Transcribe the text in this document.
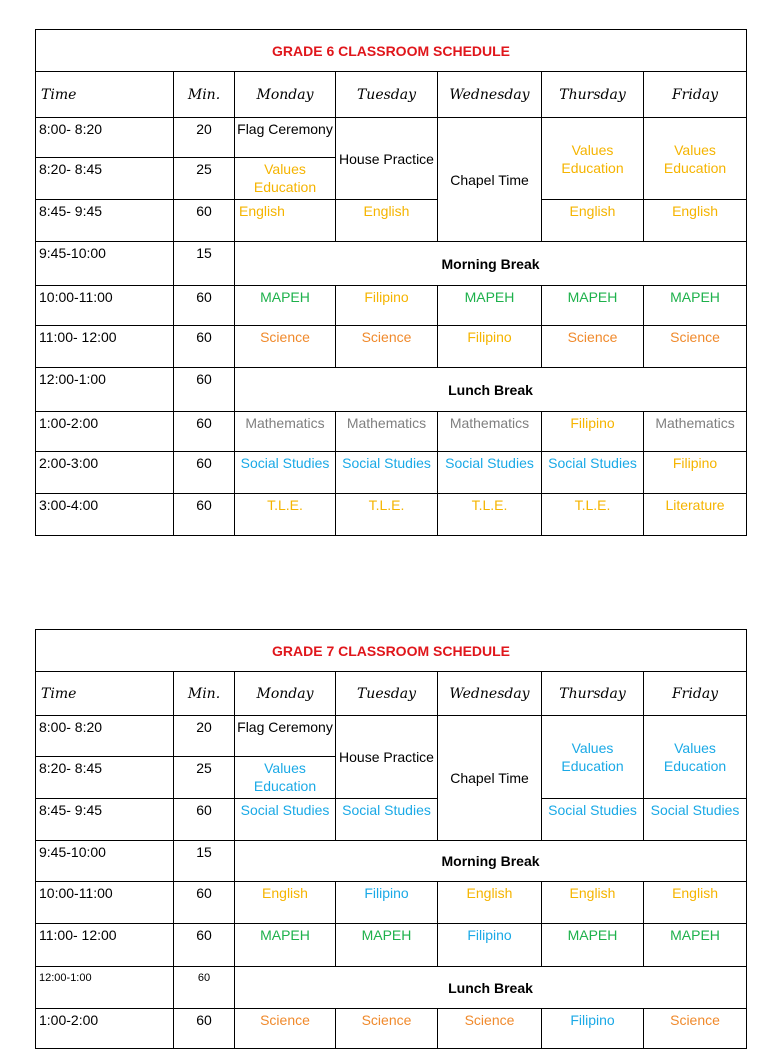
GRADE 6 CLASSROOM SCHEDULE						
Time	Min.	Monday	Tuesday	Wednesday	Thursday	Friday
8:00- 8:20	20	Flag Ceremony	House Practice	Chapel Time	Values Education	Values Education
8:20- 8:45	25	Values Education				
8:45- 9:45	60	English	English		English	English
9:45-10:00	15	Morning Break				
10:00-11:00	60	MAPEH	Filipino	MAPEH	MAPEH	MAPEH
11:00- 12:00	60	Science	Science	Filipino	Science	Science
12:00-1:00	60	Lunch Break				
1:00-2:00	60	Mathematics	Mathematics	Mathematics	Filipino	Mathematics
2:00-3:00	60	Social Studies	Social Studies	Social Studies	Social Studies	Filipino
3:00-4:00	60	T.L.E.	T.L.E.	T.L.E.	T.L.E.	Literature
GRADE 7 CLASSROOM SCHEDULE						
Time	Min.	Monday	Tuesday	Wednesday	Thursday	Friday
8:00- 8:20	20	Flag Ceremony	House Practice	Chapel Time	Values Education	Values Education
8:20- 8:45	25	Values Education				
8:45- 9:45	60	Social Studies	Social Studies		Social Studies	Social Studies
9:45-10:00	15	Morning Break				
10:00-11:00	60	English	Filipino	English	English	English
11:00- 12:00	60	MAPEH	MAPEH	Filipino	MAPEH	MAPEH
12:00-1:00	60	Lunch Break				
1:00-2:00	60	Science	Science	Science	Filipino	Science
